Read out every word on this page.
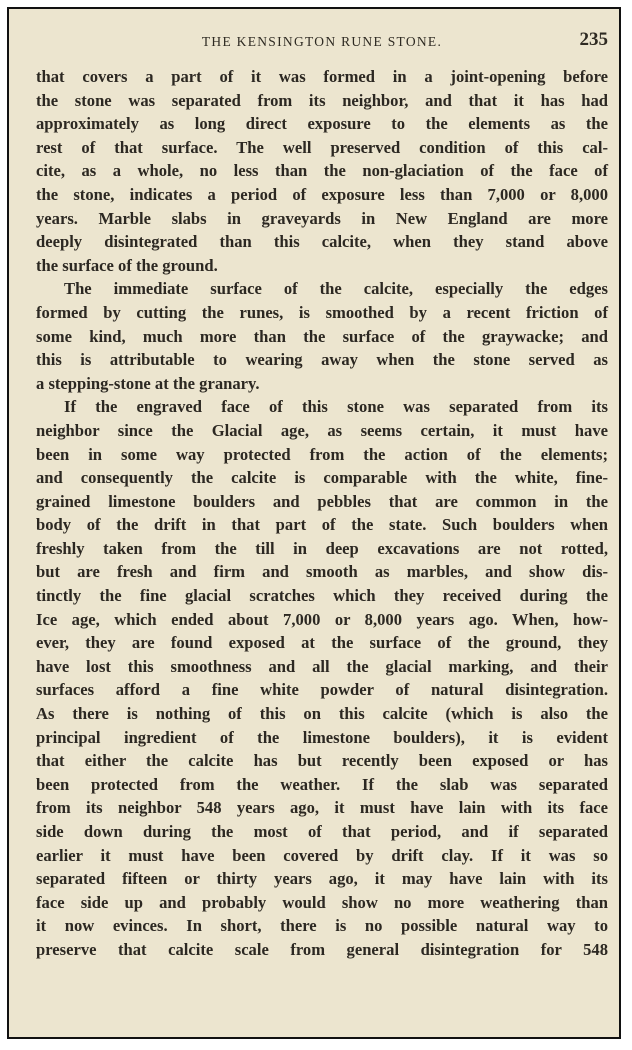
THE KENSINGTON RUNE STONE.	235
that covers a part of it was formed in a joint-opening before
the stone was separated from its neighbor, and that it has had
approximately as long direct exposure to the elements as the
rest of that surface. The well preserved condition of this cal-
cite, as a whole, no less than the non-glaciation of the face of
the stone, indicates a period of exposure less than 7,000 or 8,000
years. Marble slabs in graveyards in New England are more
deeply disintegrated than this calcite, when they stand above
the surface of the ground.
The immediate surface of the calcite, especially the edges
formed by cutting the runes, is smoothed by a recent friction of
some kind, much more than the surface of the graywacke; and
this is attributable to wearing away when the stone served as
a stepping-stone at the granary.
If the engraved face of this stone was separated from its
neighbor since the Glacial age, as seems certain, it must have
been in some way protected from the action of the elements;
and consequently the calcite is comparable with the white, fine-
grained limestone boulders and pebbles that are common in the
body of the drift in that part of the state. Such boulders when
freshly taken from the till in deep excavations are not rotted,
but are fresh and firm and smooth as marbles, and show dis-
tinctly the fine glacial scratches which they received during the
Ice age, which ended about 7,000 or 8,000 years ago. When, how-
ever, they are found exposed at the surface of the ground, they
have lost this smoothness and all the glacial marking, and their
surfaces afford a fine white powder of natural disintegration.
As there is nothing of this on this calcite (which is also the
principal ingredient of the limestone boulders), it is evident
that either the calcite has but recently been exposed or has
been protected from the weather. If the slab was separated
from its neighbor 548 years ago, it must have lain with its face
side down during the most of that period, and if separated
earlier it must have been covered by drift clay. If it was so
separated fifteen or thirty years ago, it may have lain with its
face side up and probably would show no more weathering than
it now evinces. In short, there is no possible natural way to
preserve that calcite scale from general disintegration for 548
